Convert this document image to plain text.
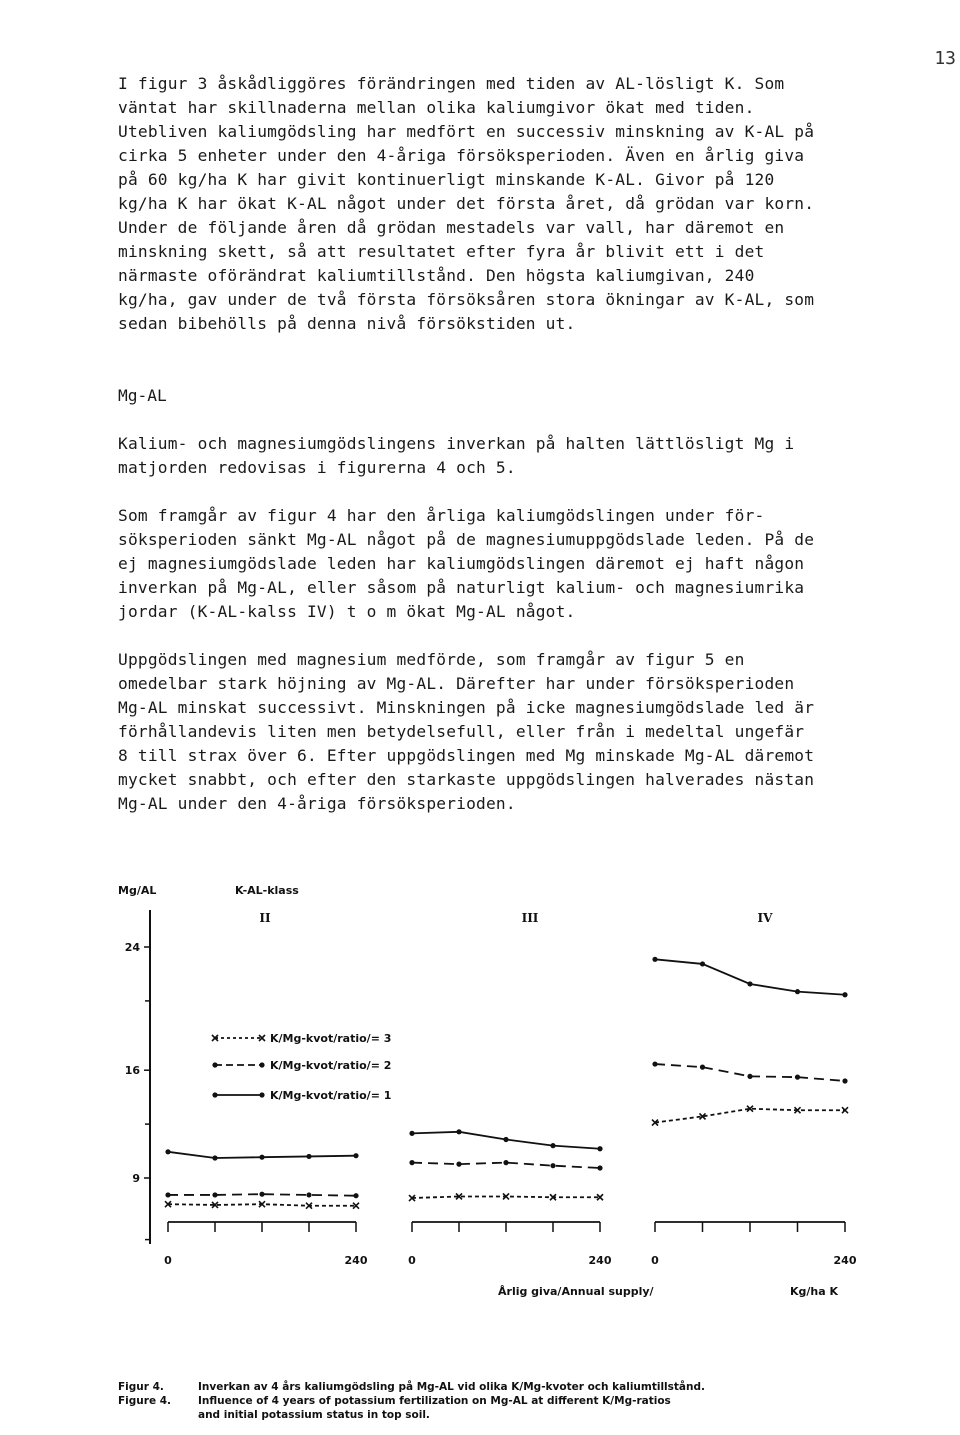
13

I figur 3 åskådliggöres förändringen med tiden av AL-lösligt K. Som
väntat har skillnaderna mellan olika kaliumgivor ökat med tiden.
Utebliven kaliumgödsling har medfört en successiv minskning av K-AL på
cirka 5 enheter under den 4-åriga försöksperioden. Även en årlig giva
på 60 kg/ha K har givit kontinuerligt minskande K-AL. Givor på 120
kg/ha K har ökat K-AL något under det första året, då grödan var korn.
Under de följande åren då grödan mestadels var vall, har däremot en
minskning skett, så att resultatet efter fyra år blivit ett i det
närmaste oförändrat kaliumtillstånd. Den högsta kaliumgivan, 240
kg/ha, gav under de två första försöksåren stora ökningar av K-AL, som
sedan bibehölls på denna nivå försökstiden ut.

Mg-AL

Kalium- och magnesiumgödslingens inverkan på halten lättlösligt Mg i
matjorden redovisas i figurerna 4 och 5.

Som framgår av figur 4 har den årliga kaliumgödslingen under för-
söksperioden sänkt Mg-AL något på de magnesiumuppgödslade leden. På de
ej magnesiumgödslade leden har kaliumgödslingen däremot ej haft någon
inverkan på Mg-AL, eller såsom på naturligt kalium- och magnesiumrika
jordar (K-AL-kalss IV) t o m ökat Mg-AL något.

Uppgödslingen med magnesium medförde, som framgår av figur 5 en
omedelbar stark höjning av Mg-AL. Därefter har under försöksperioden
Mg-AL minskat successivt. Minskningen på icke magnesiumgödslade led är
förhållandevis liten men betydelsefull, eller från i medeltal ungefär
8 till strax över 6. Efter uppgödslingen med Mg minskade Mg-AL däremot
mycket snabbt, och efter den starkaste uppgödslingen halverades nästan
Mg-AL under den 4-åriga försöksperioden.

Mg/AL	K-AL-klass
24
16
9
II
0	240
III
0	240
IV
0	240
K/Mg-kvot/ratio/= 3
K/Mg-kvot/ratio/= 2
K/Mg-kvot/ratio/= 1
Årlig giva/Annual supply/	Kg/ha K
Figur 4.	Inverkan av 4 års kaliumgödsling på Mg-AL vid olika K/Mg-kvoter och kaliumtillstånd.
Figure 4.	Influence of 4 years of potassium fertilization on Mg-AL at different K/Mg-ratios
and initial potassium status in top soil.
